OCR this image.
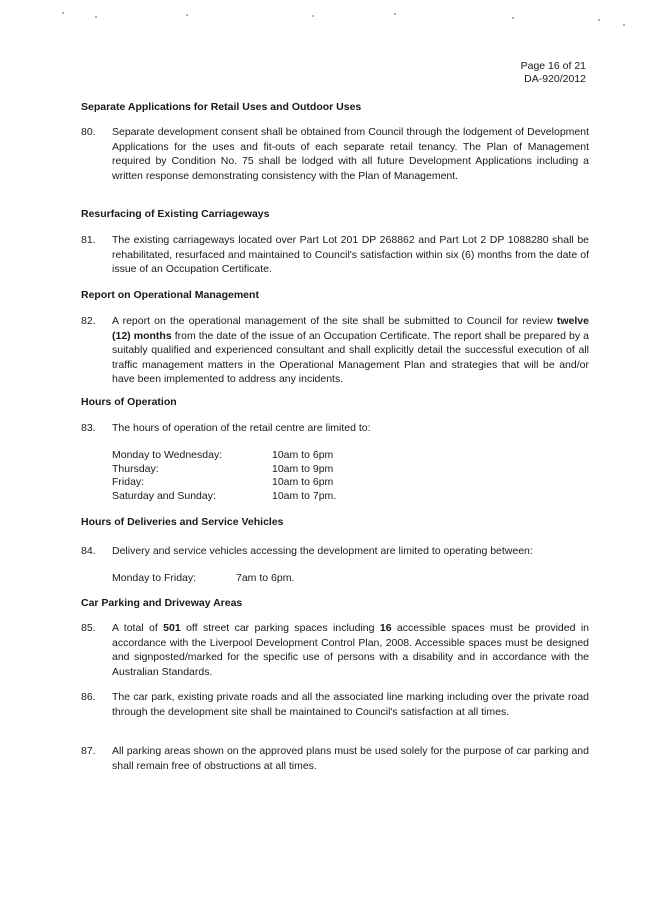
Page 16 of 21
DA-920/2012
Separate Applications for Retail Uses and Outdoor Uses
80.	Separate development consent shall be obtained from Council through the lodgement of Development Applications for the uses and fit-outs of each separate retail tenancy. The Plan of Management required by Condition No. 75 shall be lodged with all future Development Applications including a written response demonstrating consistency with the Plan of Management.
Resurfacing of Existing Carriageways
81.	The existing carriageways located over Part Lot 201 DP 268862 and Part Lot 2 DP 1088280 shall be rehabilitated, resurfaced and maintained to Council's satisfaction within six (6) months from the date of issue of an Occupation Certificate.
Report on Operational Management
82.	A report on the operational management of the site shall be submitted to Council for review twelve (12) months from the date of the issue of an Occupation Certificate. The report shall be prepared by a suitably qualified and experienced consultant and shall explicitly detail the successful execution of all traffic management matters in the Operational Management Plan and strategies that will be and/or have been implemented to address any incidents.
Hours of Operation
83.	The hours of operation of the retail centre are limited to:
Monday to Wednesday:	10am to 6pm
Thursday:	10am to 9pm
Friday:	10am to 6pm
Saturday and Sunday:	10am to 7pm.
Hours of Deliveries and Service Vehicles
84.	Delivery and service vehicles accessing the development are limited to operating between:
Monday to Friday:	7am to 6pm.
Car Parking and Driveway Areas
85.	A total of 501 off street car parking spaces including 16 accessible spaces must be provided in accordance with the Liverpool Development Control Plan, 2008. Accessible spaces must be designed and signposted/marked for the specific use of persons with a disability and in accordance with the Australian Standards.
86.	The car park, existing private roads and all the associated line marking including over the private road through the development site shall be maintained to Council's satisfaction at all times.
87.	All parking areas shown on the approved plans must be used solely for the purpose of car parking and shall remain free of obstructions at all times.
